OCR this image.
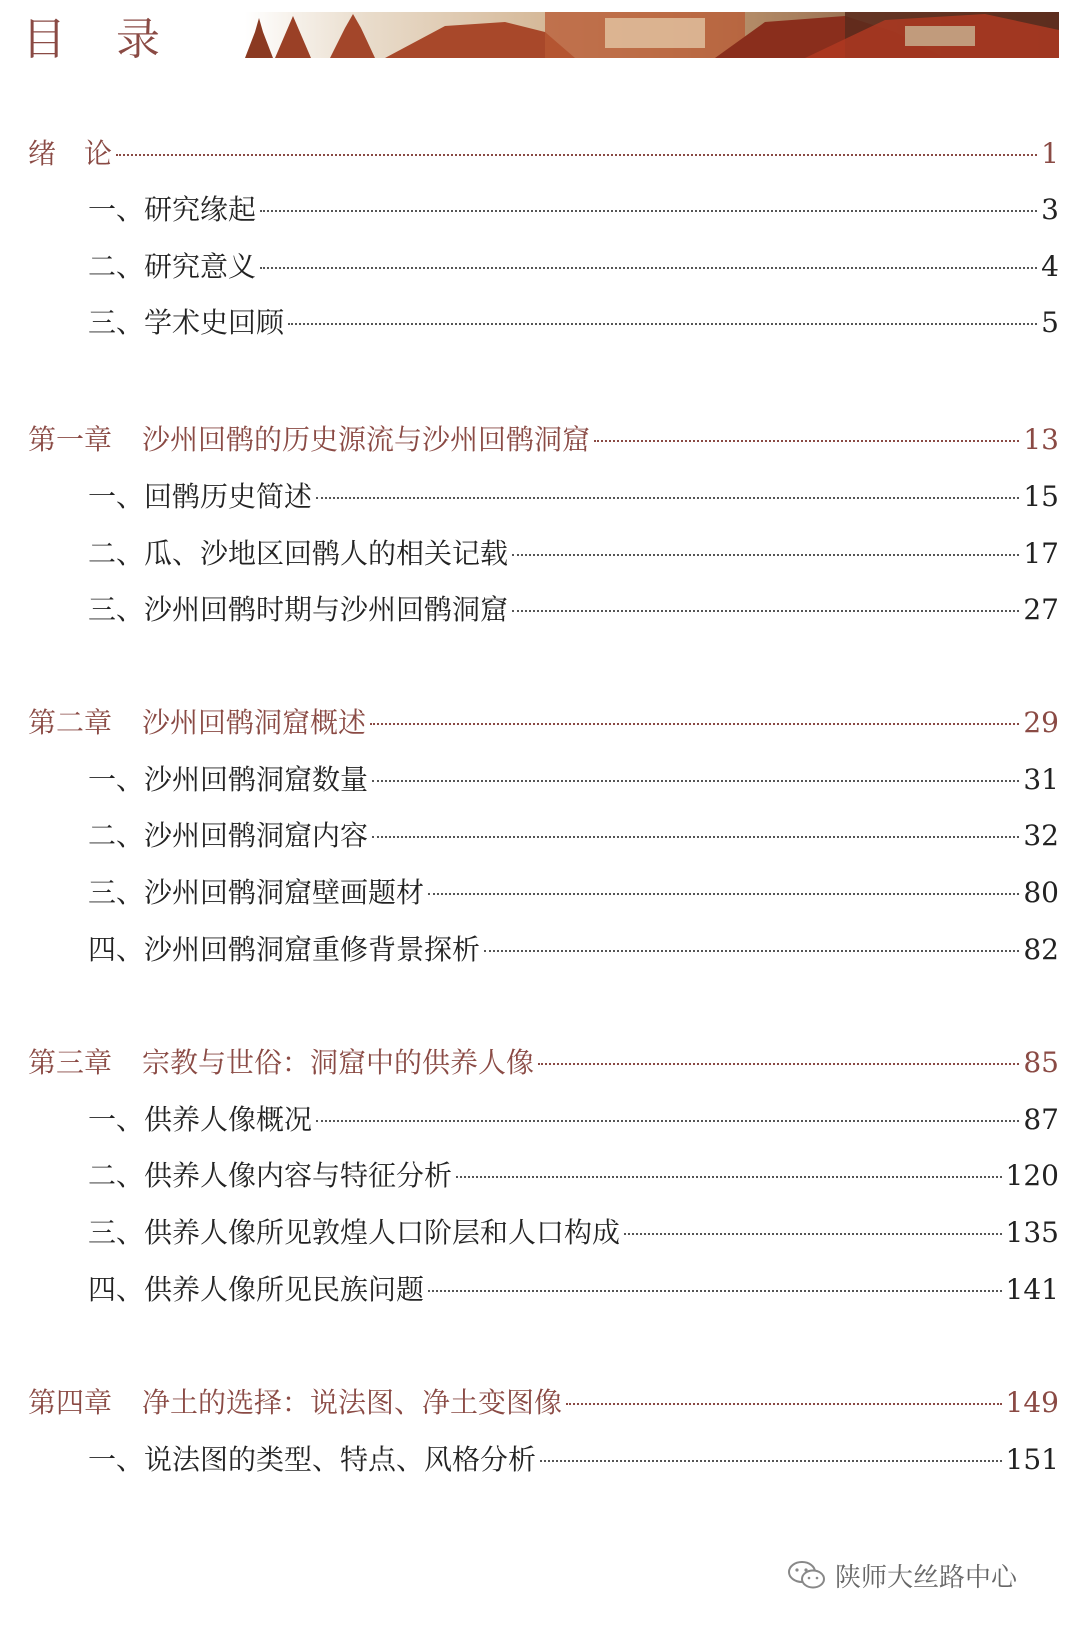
目 录
绪　论	1
一、研究缘起	3
二、研究意义	4
三、学术史回顾	5
第一章 沙州回鹘的历史源流与沙州回鹘洞窟	13
一、回鹘历史简述	15
二、瓜、沙地区回鹘人的相关记载	17
三、沙州回鹘时期与沙州回鹘洞窟	27
第二章 沙州回鹘洞窟概述	29
一、沙州回鹘洞窟数量	31
二、沙州回鹘洞窟内容	32
三、沙州回鹘洞窟壁画题材	80
四、沙州回鹘洞窟重修背景探析	82
第三章 宗教与世俗：洞窟中的供养人像	85
一、供养人像概况	87
二、供养人像内容与特征分析	120
三、供养人像所见敦煌人口阶层和人口构成	135
四、供养人像所见民族问题	141
第四章 净土的选择：说法图、净土变图像	149
一、说法图的类型、特点、风格分析	151
陕师大丝路中心
